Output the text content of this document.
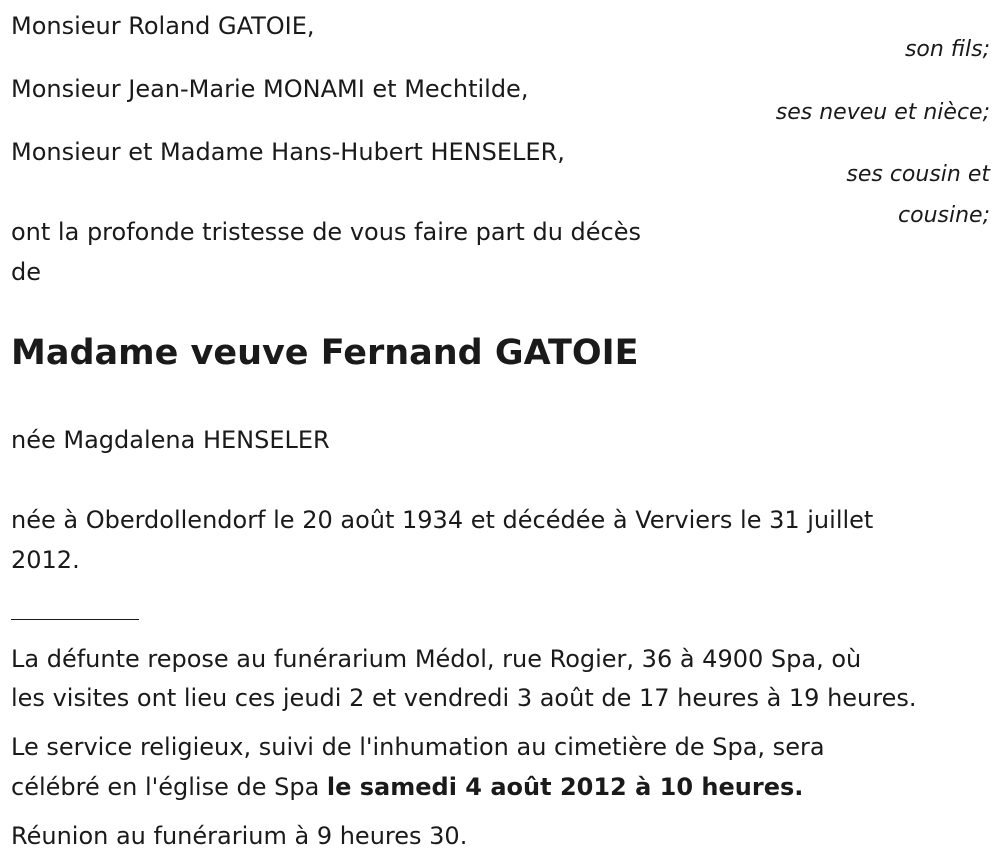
Monsieur Roland GATOIE,
son fils;
Monsieur Jean-Marie MONAMI et Mechtilde,
ses neveu et nièce;
Monsieur et Madame Hans-Hubert HENSELER,
ses cousin et
cousine;
ont la profonde tristesse de vous faire part du décès
de
Madame veuve Fernand GATOIE
née Magdalena HENSELER
née à Oberdollendorf le 20 août 1934 et décédée à Verviers le 31 juillet
2012.
La défunte repose au funérarium Médol, rue Rogier, 36 à 4900 Spa, où
les visites ont lieu ces jeudi 2 et vendredi 3 août de 17 heures à 19 heures.
Le service religieux, suivi de l'inhumation au cimetière de Spa, sera
célébré en l'église de Spa le samedi 4 août 2012 à 10 heures.
Réunion au funérarium à 9 heures 30.
